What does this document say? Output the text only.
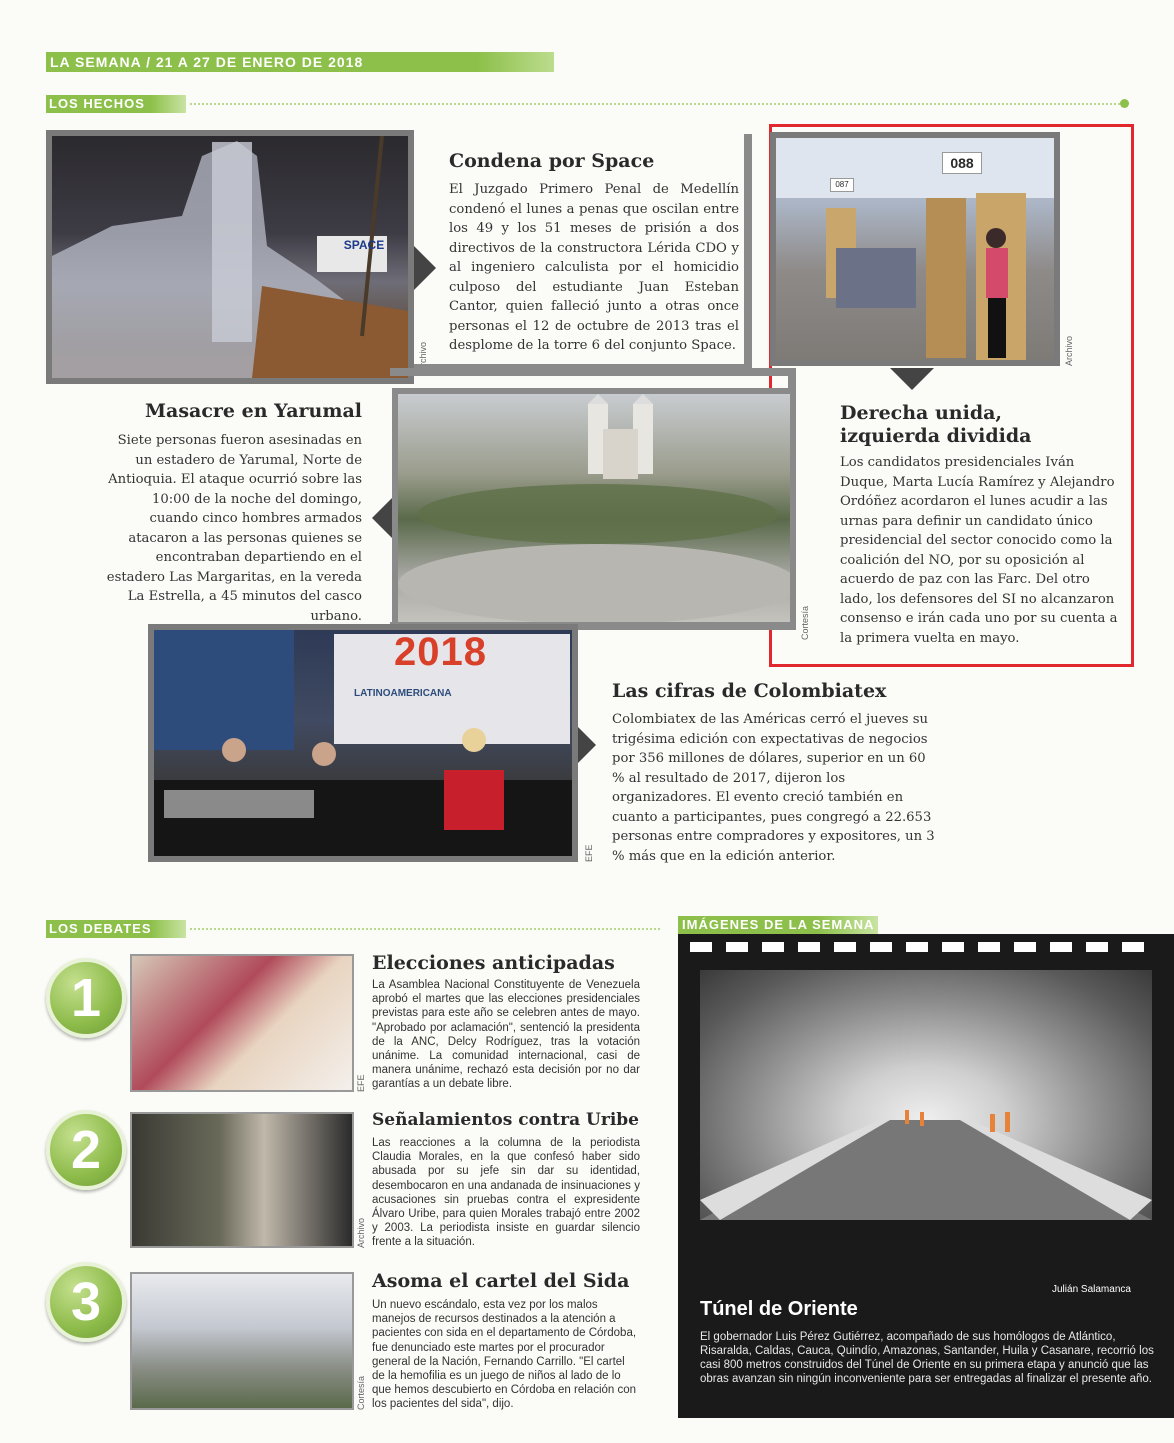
LA SEMANA / 21 A 27 DE ENERO DE 2018
LOS HECHOS
SPACE
Archivo
Condena por Space
El Juzgado Primero Penal de Medellín condenó el lunes a penas que oscilan entre los 49 y los 51 meses de prisión a dos directivos de la constructora Lérida CDO y al ingeniero calculista por el homicidio culposo del estudiante Juan Esteban Cantor, quien falleció junto a otras once personas el 12 de octubre de 2013 tras el desplome de la torre 6 del conjunto Space.
088
087
Archivo
Derecha unida,
izquierda dividida
Los candidatos presidenciales Iván Duque, Marta Lucía Ramírez y Alejandro Ordóñez acordaron el lunes acudir a las urnas para definir un candidato único presidencial del sector conocido como la coalición del NO, por su oposición al acuerdo de paz con las Farc. Del otro lado, los defensores del SI no alcanzaron consenso e irán cada uno por su cuenta a la primera vuelta en mayo.
Masacre en Yarumal
Siete personas fueron asesinadas en un estadero de Yarumal, Norte de Antioquia. El ataque ocurrió sobre las 10:00 de la noche del domingo, cuando cinco hombres armados atacaron a las personas quienes se encontraban departiendo en el estadero Las Margaritas, en la vereda La Estrella, a 45 minutos del casco urbano.	Cortesía
2018
LATINOAMERICANA
EFE
Las cifras de Colombiatex
Colombiatex de las Américas cerró el jueves su trigésima edición con expectativas de negocios por 356 millones de dólares, superior en un 60 % al resultado de 2017, dijeron los organizadores. El evento creció también en cuanto a participantes, pues congregó a 22.653 personas entre compradores y expositores, un 3 % más que en la edición anterior.
LOS DEBATES
1
EFE
Elecciones anticipadas
La Asamblea Nacional Constituyente de Venezuela aprobó el martes que las elecciones presidenciales previstas para este año se celebren antes de mayo. "Aprobado por aclamación", sentenció la presidenta de la ANC, Delcy Rodríguez, tras la votación unánime. La comunidad internacional, casi de manera unánime, rechazó esta decisión por no dar garantías a un debate libre.
2
Archivo
Señalamientos contra Uribe
Las reacciones a la columna de la periodista Claudia Morales, en la que confesó haber sido abusada por su jefe sin dar su identidad, desembocaron en una andanada de insinuaciones y acusaciones sin pruebas contra el expresidente Álvaro Uribe, para quien Morales trabajó entre 2002 y 2003. La periodista insiste en guardar silencio frente a la situación.
3
Cortesía
Asoma el cartel del Sida
Un nuevo escándalo, esta vez por los malos manejos de recursos destinados a la atención a pacientes con sida en el departamento de Córdoba, fue denunciado este martes por el procurador general de la Nación, Fernando Carrillo. "El cartel de la hemofilia es un juego de niños al lado de lo que hemos descubierto en Córdoba en relación con los pacientes del sida", dijo.
IMÁGENES DE LA SEMANA
Julián Salamanca
Túnel de Oriente
El gobernador Luis Pérez Gutiérrez, acompañado de sus homólogos de Atlántico, Risaralda, Caldas, Cauca, Quindío, Amazonas, Santander, Huila y Casanare, recorrió los casi 800 metros construidos del Túnel de Oriente en su primera etapa y anunció que las obras avanzan sin ningún inconveniente para ser entregadas al finalizar el presente año.
